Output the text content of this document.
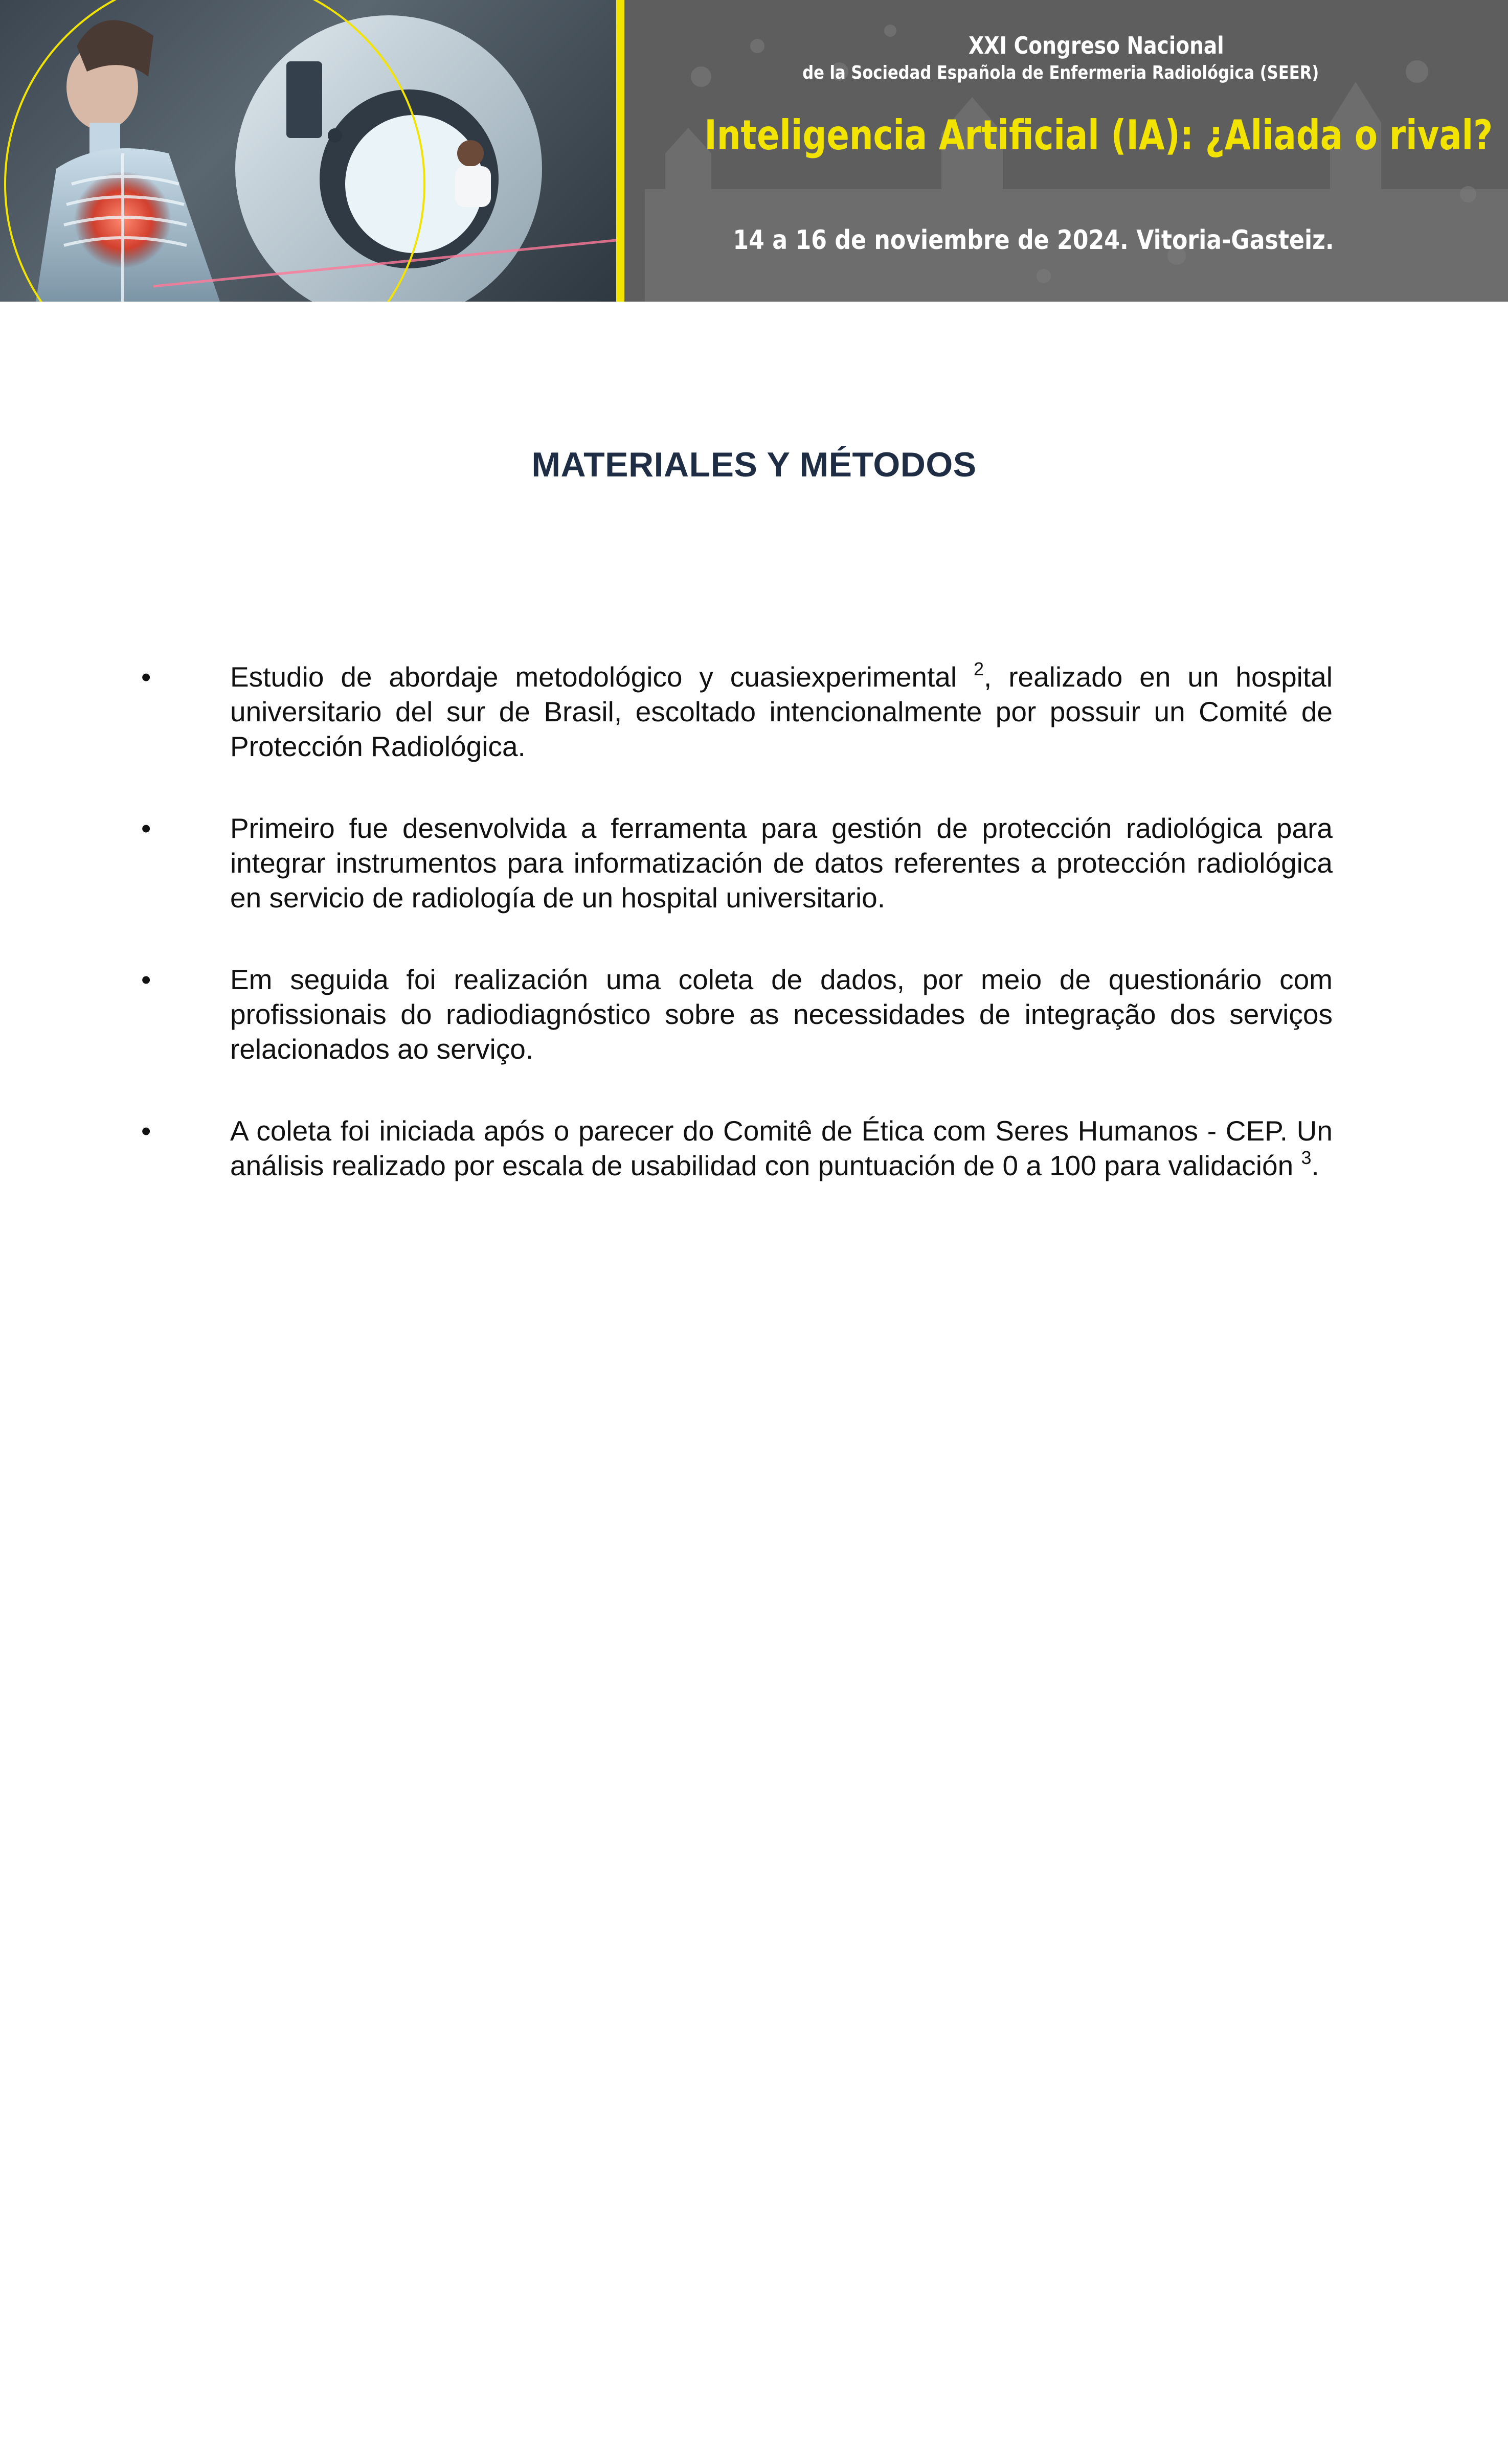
XXI Congreso Nacional
de la Sociedad Española de Enfermeria Radiológica (SEER)
Inteligencia Artificial (IA): ¿Aliada o rival?
14 a 16 de noviembre de 2024. Vitoria-Gasteiz.
MATERIALES Y MÉTODOS
•	Estudio de abordaje metodológico y cuasiexperimental $^2$, realizado en un hospital universitario del sur de Brasil, escoltado intencionalmente por possuir un Comité de Protección Radiológica.
•	Primeiro fue desenvolvida a ferramenta para gestión de protección radiológica para integrar instrumentos para informatización de datos referentes a protección radiológica en servicio de radiología de un hospital universitario.
•	Em seguida foi realización uma coleta de dados, por meio de questionário com profissionais do radiodiagnóstico sobre as necessidades de integração dos serviços relacionados ao serviço.
•	A coleta foi iniciada após o parecer do Comitê de Ética com Seres Humanos - CEP. Un análisis realizado por escala de usabilidad con puntuación de 0 a 100 para validación $^3$.
